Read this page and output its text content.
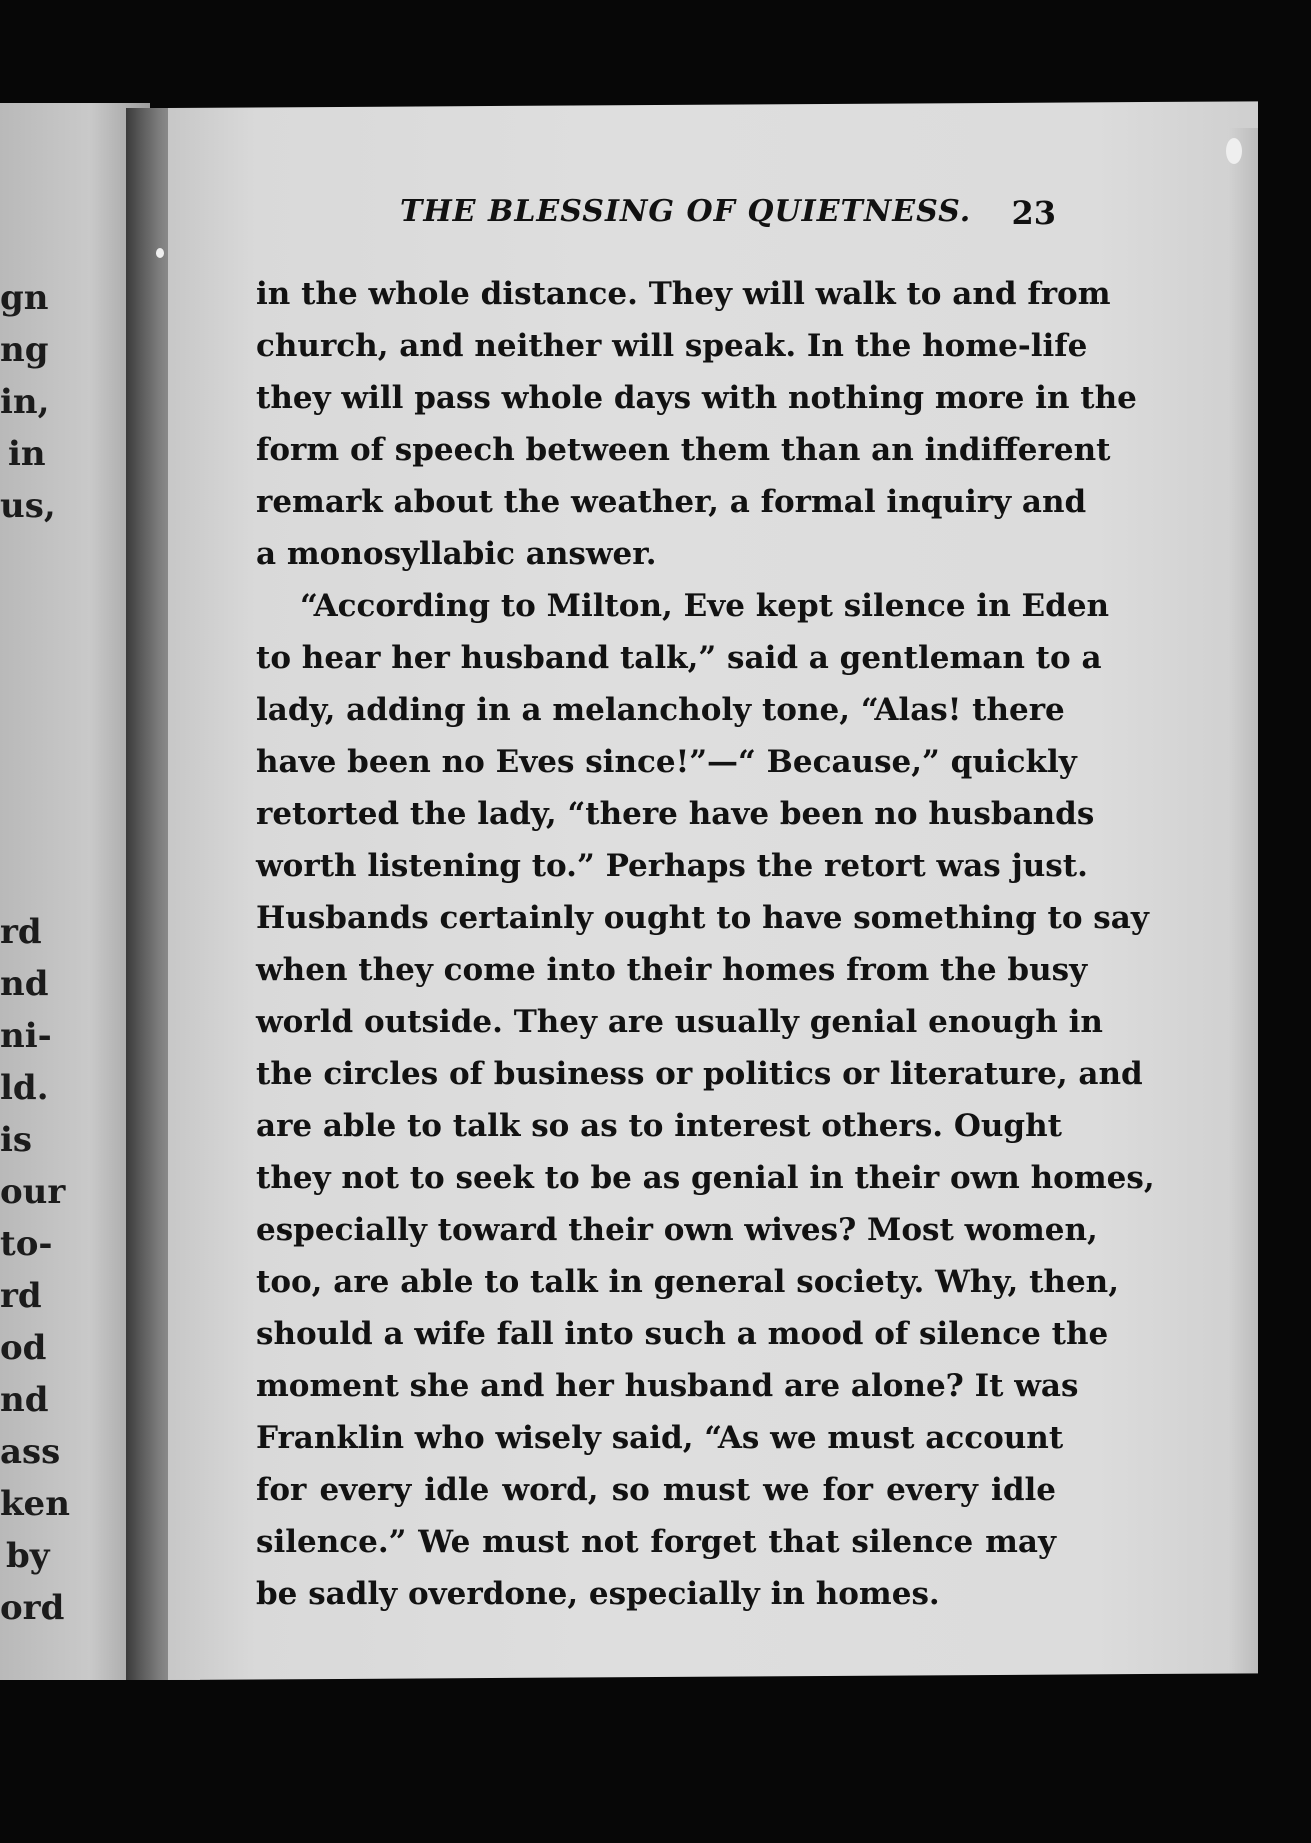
gn
ng
in,
in
us,
rd
nd
ni-
ld.
is
our
to-
rd
od
nd
ass
ken
by
ord
THE BLESSING OF QUIETNESS. 23
in the whole distance. They will walk to and from
church, and neither will speak. In the home-life
they will pass whole days with nothing more in the
form of speech between them than an indifferent
remark about the weather, a formal inquiry and
a monosyllabic answer.
“According to Milton, Eve kept silence in Eden
to hear her husband talk,” said a gentleman to a
lady, adding in a melancholy tone, “Alas! there
have been no Eves since!”—“ Because,” quickly
retorted the lady, “there have been no husbands
worth listening to.” Perhaps the retort was just.
Husbands certainly ought to have something to say
when they come into their homes from the busy
world outside. They are usually genial enough in
the circles of business or politics or literature, and
are able to talk so as to interest others. Ought
they not to seek to be as genial in their own homes,
especially toward their own wives? Most women,
too, are able to talk in general society. Why, then,
should a wife fall into such a mood of silence the
moment she and her husband are alone? It was
Franklin who wisely said, “As we must account
for every idle word, so must we for every idle
silence.” We must not forget that silence may
be sadly overdone, especially in homes.
